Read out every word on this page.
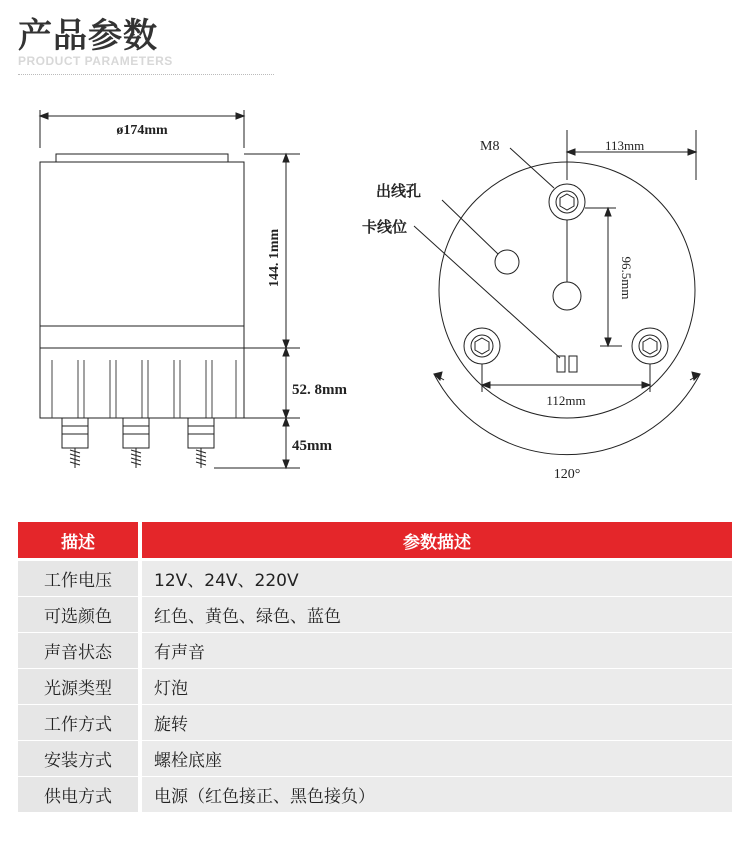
产品参数
PRODUCT PARAMETERS
ø174mm
144. 1mm
52. 8mm
45mm
M8
出线孔
卡线位
113mm
96.5mm
112mm
120°
描述	参数描述

工作电压	12V、24V、220V
可选颜色	红色、黄色、绿色、蓝色
声音状态	有声音
光源类型	灯泡
工作方式	旋转
安装方式	螺栓底座
供电方式	电源（红色接正、黑色接负）
